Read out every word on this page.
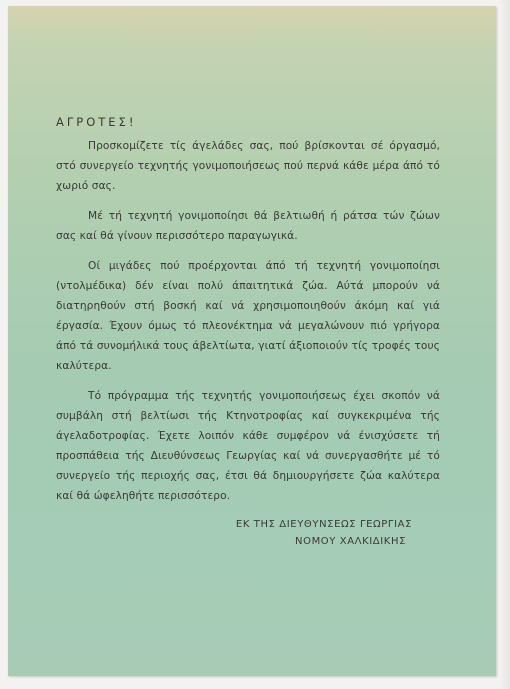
ΑΓΡΟΤΕΣ!

Προσκομίζετε τίς άγελάδες σας, πού βρίσκονται σέ όργασμό, στό συνεργείο τεχνητής γονιμοποιήσεως πού περνά κάθε μέρα άπό τό χωριό σας.

Μέ τή τεχνητή γονιμοποίησι θά βελτιωθή ή ράτσα τών ζώων σας καί θά γίνουν περισσότερο παραγωγικά.

Οί μιγάδες πού προέρχονται άπό τή τεχνητή γονιμοποίησι (ντολμέδικα) δέν είναι πολύ άπαιτητικά ζώα. Αύτά μπορούν νά διατηρηθούν στή βοσκή καί νά χρησιμοποιηθούν άκόμη καί γιά έργασία. Έχουν όμως τό πλεονέκτημα νά μεγαλώνουν πιό γρήγορα άπό τά συνομήλικά τους άβελτίωτα, γιατί άξιοποιούν τίς τροφές τους καλύτερα.

Τό πρόγραμμα τής τεχνητής γονιμοποιήσεως έχει σκοπόν νά συμβάλη στή βελτίωσι τής Κτηνοτροφίας καί συγκεκριμένα τής άγελαδοτροφίας. Έχετε λοιπόν κάθε συμφέρον νά ένισχύσετε τή προσπάθεια τής Διευθύνσεως Γεωργίας καί νά συνεργασθήτε μέ τό συνεργείο τής περιοχής σας, έτσι θά δημιουργήσετε ζώα καλύτερα καί θά ώφεληθήτε περισσότερο.

ΕΚ ΤΗΣ ΔΙΕΥΘΥΝΣΕΩΣ ΓΕΩΡΓΙΑΣ
ΝΟΜΟΥ ΧΑΛΚΙΔΙΚΗΣ
